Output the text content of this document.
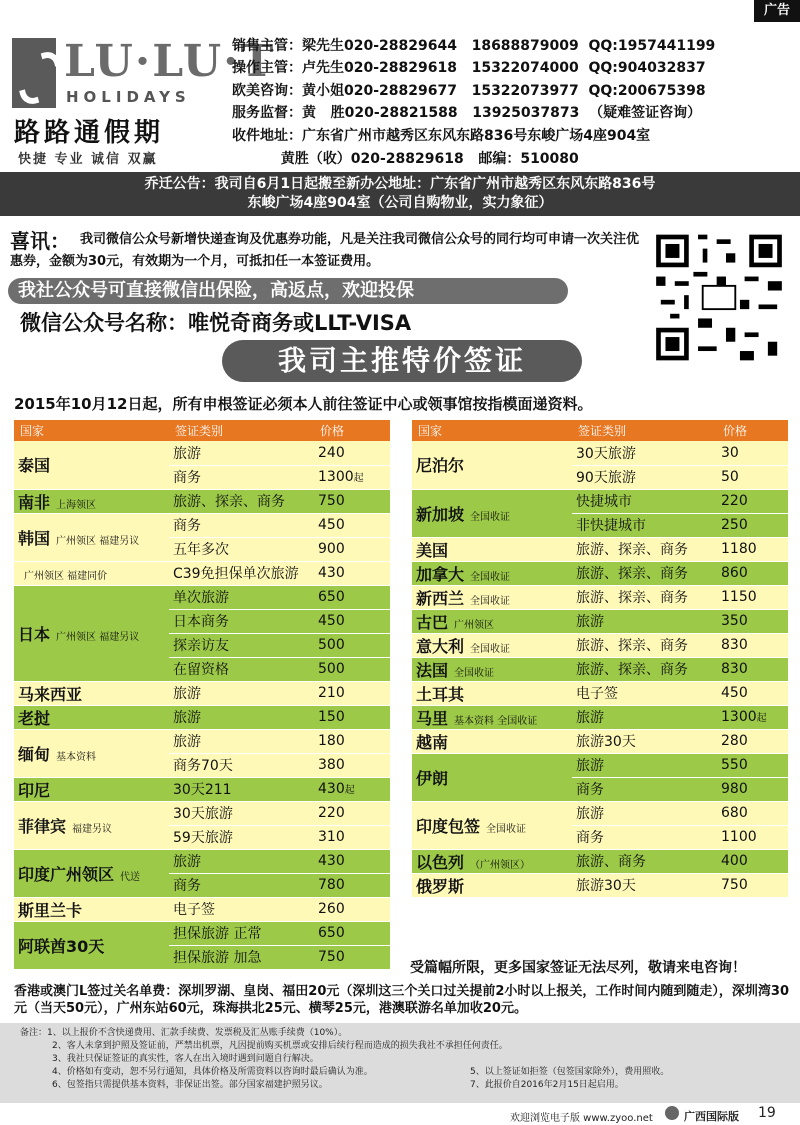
广告
LU·LU·T
HOLIDAYS
路路通假期
快捷 专业 诚信 双赢
销售主管：梁先生020-28829644   18688879009  QQ:1957441199
操作主管：卢先生020-28829618   15322074000  QQ:904032837
欧美咨询：黄小姐020-28829677   15322073977  QQ:200675398
服务监督：黄   胜020-28821588   13925037873  （疑难签证咨询）
收件地址：广东省广州市越秀区东风东路836号东峻广场4座904室
黄胜（收）020-28829618   邮编：510080
乔迁公告：我司自6月1日起搬至新办公地址：广东省广州市越秀区东风东路836号
东峻广场4座904室（公司自购物业，实力象征）
我司微信公众号新增快递查询及优惠券功能，凡是关注我司微信公众号的同行均可申请一次关注优惠券，金额为30元，有效期为一个月，可抵扣任一本签证费用。
喜讯：
我社公众号可直接微信出保险，高返点，欢迎投保
微信公众号名称：唯悦奇商务或LLT-VISA
我司主推特价签证
2015年10月12日起，所有申根签证必须本人前往签证中心或领事馆按指模面递资料。
国家	签证类别	价格
泰国	旅游	240
	商务	1300起
南非 上海领区	旅游、探亲、商务	750
韩国 广州领区 福建另议	商务	450
	五年多次	900
广州领区 福建同价	C39免担保单次旅游	430
日本 广州领区 福建另议	单次旅游	650
	日本商务	450
	探亲访友	500
	在留资格	500
马来西亚	旅游	210
老挝	旅游	150
缅甸 基本资料	旅游	180
	商务70天	380
印尼	30天211	430起
菲律宾 福建另议	30天旅游	220
	59天旅游	310
印度广州领区 代送	旅游	430
	商务	780
斯里兰卡	电子签	260
阿联酋30天	担保旅游 正常	650
	担保旅游 加急	750
国家	签证类别	价格
尼泊尔	30天旅游	30
	90天旅游	50
新加坡 全国收证	快捷城市	220
	非快捷城市	250
美国	旅游、探亲、商务	1180
加拿大 全国收证	旅游、探亲、商务	860
新西兰 全国收证	旅游、探亲、商务	1150
古巴 广州领区	旅游	350
意大利 全国收证	旅游、探亲、商务	830
法国 全国收证	旅游、探亲、商务	830
土耳其	电子签	450
马里 基本资料 全国收证	旅游	1300起
越南	旅游30天	280
伊朗	旅游	550
	商务	980
印度包签 全国收证	旅游	680
	商务	1100
以色列 （广州领区）	旅游、商务	400
俄罗斯	旅游30天	750
受篇幅所限，更多国家签证无法尽列，敬请来电咨询！
香港或澳门L签过关名单费：深圳罗湖、皇岗、福田20元（深圳这三个关口过关提前2小时以上报关，工作时间内随到随走），深圳湾30元（当天50元），广州东站60元，珠海拱北25元、横琴25元，港澳联游名单加收20元。
备注：1、以上报价不含快递费用、汇款手续费、发票税及汇丛账手续费（10%）。
2、客人未拿到护照及签证前，严禁出机票，凡因提前购买机票或安排后续行程而造成的损失我社不承担任何责任。
3、我社只保证签证的真实性，客人在出入境时遇到问题自行解决。
4、价格如有变动，恕不另行通知，具体价格及所需资料以咨询时最后确认为准。
6、包签指只需提供基本资料，非保证出签。部分国家福建护照另议。
5、以上签证如拒签（包签国家除外），费用照收。
7、此报价自2016年2月15日起启用。
欢迎浏览电子版 www.zyoo.net	广西国际版 19
